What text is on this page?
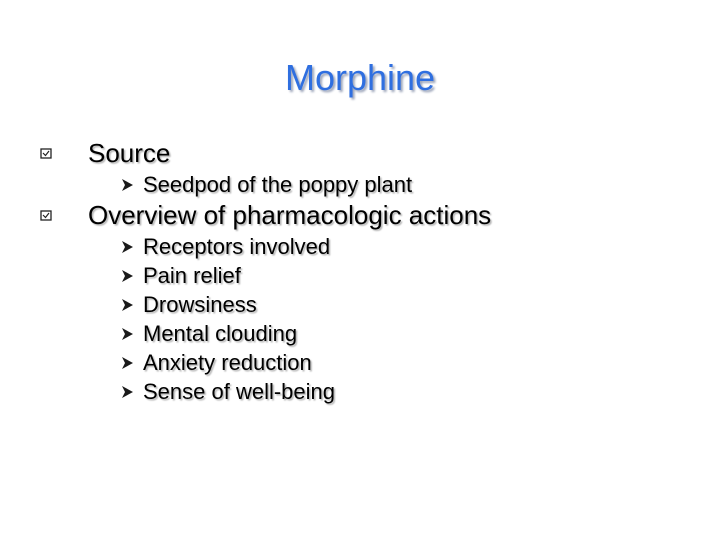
Morphine
Source
Seedpod of the poppy plant
Overview of pharmacologic actions
Receptors involved
Pain relief
Drowsiness
Mental clouding
Anxiety reduction
Sense of well-being
